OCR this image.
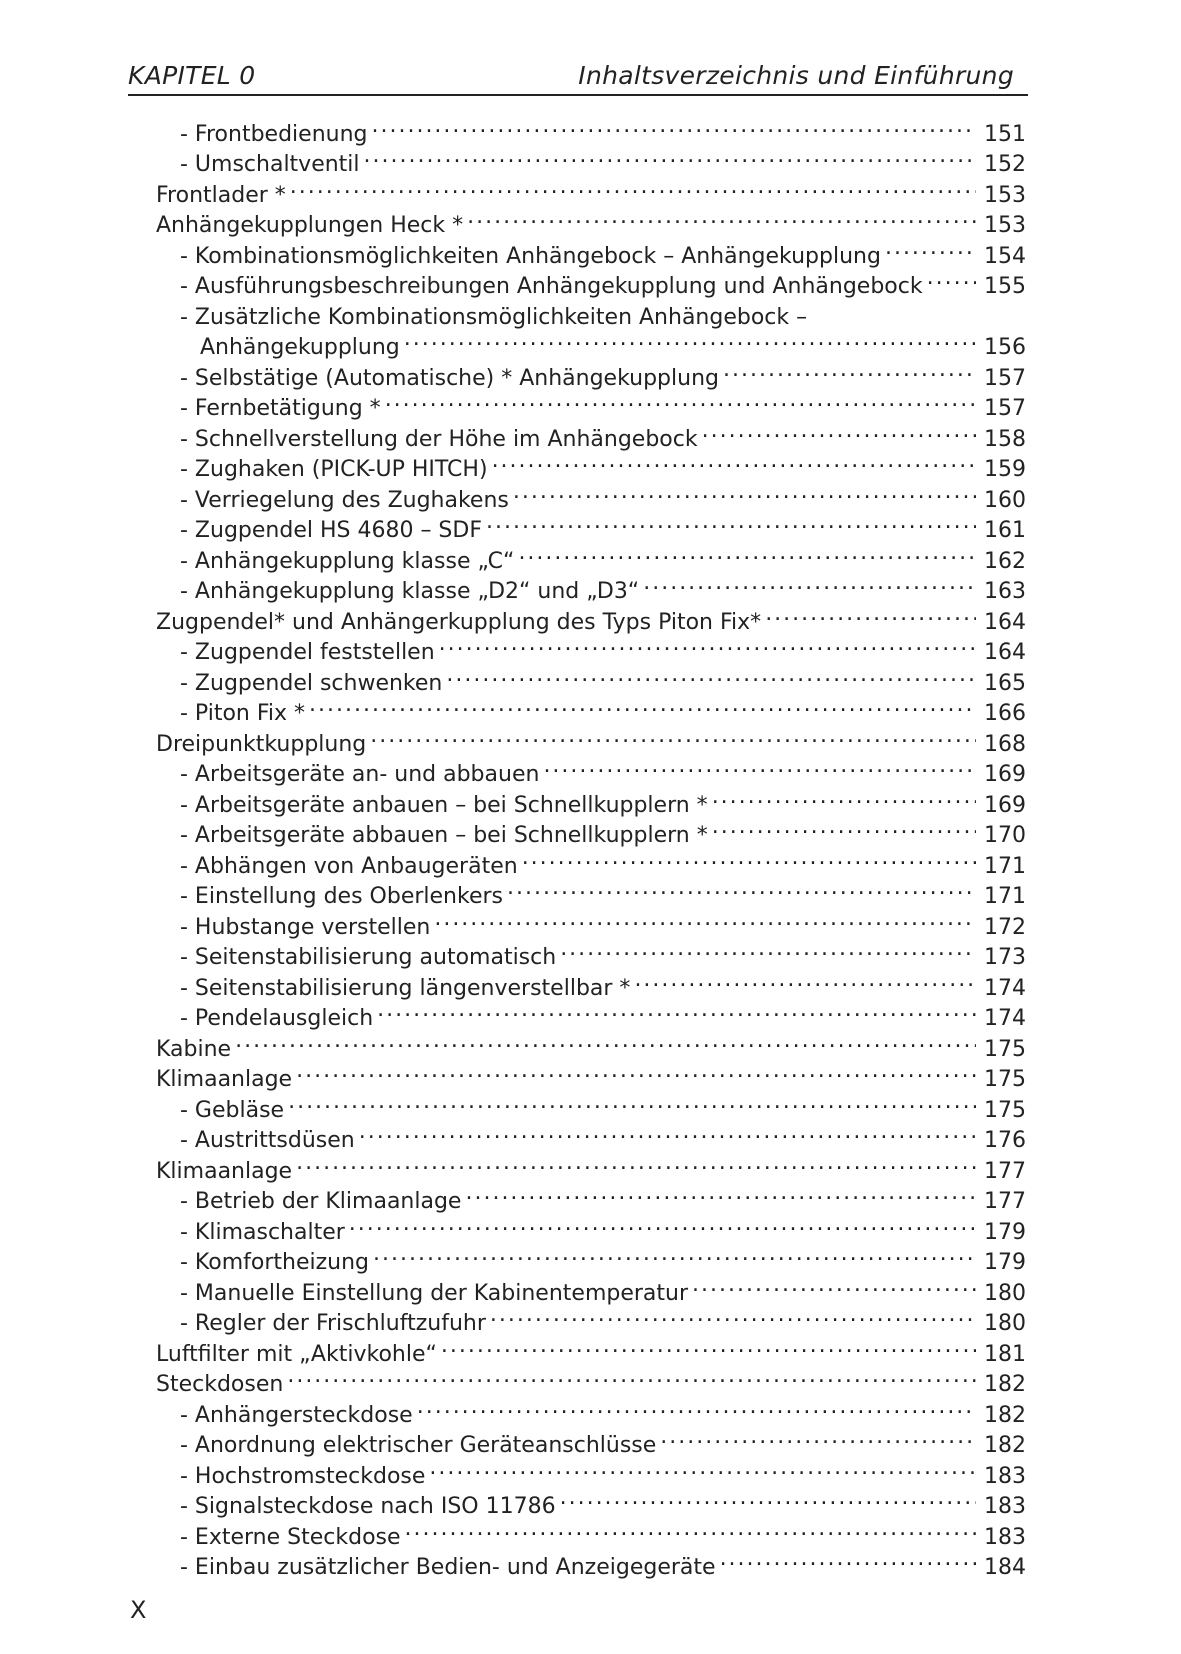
KAPITEL 0	Inhaltsverzeichnis und Einführung
- Frontbedienung .....	151
- Umschaltventil .....	152
Frontlader * .....	153
Anhängekupplungen Heck * .....	153
- Kombinationsmöglichkeiten Anhängebock – Anhängekupplung .....	154
- Ausführungsbeschreibungen Anhängekupplung und Anhängebock .....	155
- Zusätzliche Kombinationsmöglichkeiten Anhängebock –
Anhängekupplung .....	156
- Selbstätige (Automatische) * Anhängekupplung .....	157
- Fernbetätigung * .....	157
- Schnellverstellung der Höhe im Anhängebock .....	158
- Zughaken (PICK-UP HITCH) .....	159
- Verriegelung des Zughakens .....	160
- Zugpendel HS 4680 – SDF .....	161
- Anhängekupplung klasse „C“ .....	162
- Anhängekupplung klasse „D2“ und „D3“ .....	163
Zugpendel* und Anhängerkupplung des Typs Piton Fix* .....	164
- Zugpendel feststellen .....	164
- Zugpendel schwenken .....	165
- Piton Fix * .....	166
Dreipunktkupplung .....	168
- Arbeitsgeräte an- und abbauen .....	169
- Arbeitsgeräte anbauen – bei Schnellkupplern * .....	169
- Arbeitsgeräte abbauen – bei Schnellkupplern * .....	170
- Abhängen von Anbaugeräten .....	171
- Einstellung des Oberlenkers .....	171
- Hubstange verstellen .....	172
- Seitenstabilisierung automatisch .....	173
- Seitenstabilisierung längenverstellbar * .....	174
- Pendelausgleich .....	174
Kabine .....	175
Klimaanlage .....	175
- Gebläse .....	175
- Austrittsdüsen .....	176
Klimaanlage .....	177
- Betrieb der Klimaanlage .....	177
- Klimaschalter .....	179
- Komfortheizung .....	179
- Manuelle Einstellung der Kabinentemperatur .....	180
- Regler der Frischluftzufuhr .....	180
Luftfilter mit „Aktivkohle“ .....	181
Steckdosen .....	182
- Anhängersteckdose .....	182
- Anordnung elektrischer Geräteanschlüsse .....	182
- Hochstromsteckdose .....	183
- Signalsteckdose nach ISO 11786 .....	183
- Externe Steckdose .....	183
- Einbau zusätzlicher Bedien- und Anzeigegeräte .....	184
X
